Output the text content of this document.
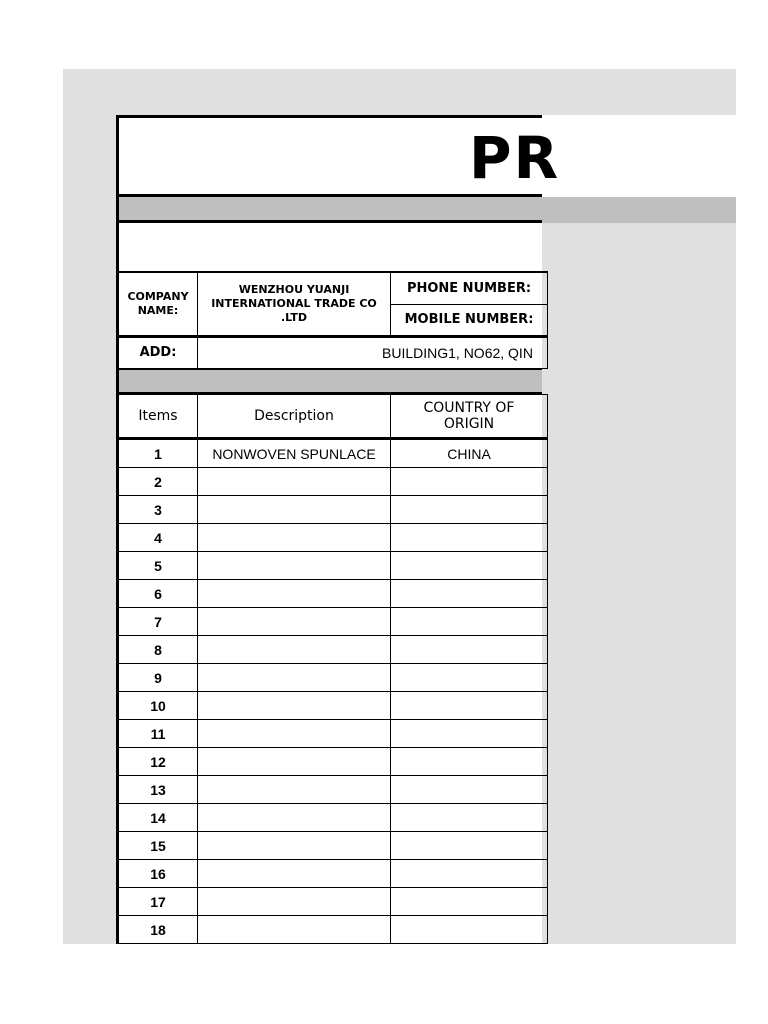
PR
COMPANY NAME:	WENZHOU YUANJI INTERNATIONAL TRADE CO .LTD	PHONE NUMBER:
		MOBILE NUMBER:
ADD:	BUILDING1, NO62, QIN	
Items	Description	COUNTRY OF ORIGIN
1	NONWOVEN SPUNLACE	CHINA
2		
3		
4		
5		
6		
7		
8		
9		
10		
11		
12		
13		
14		
15		
16		
17		
18		
